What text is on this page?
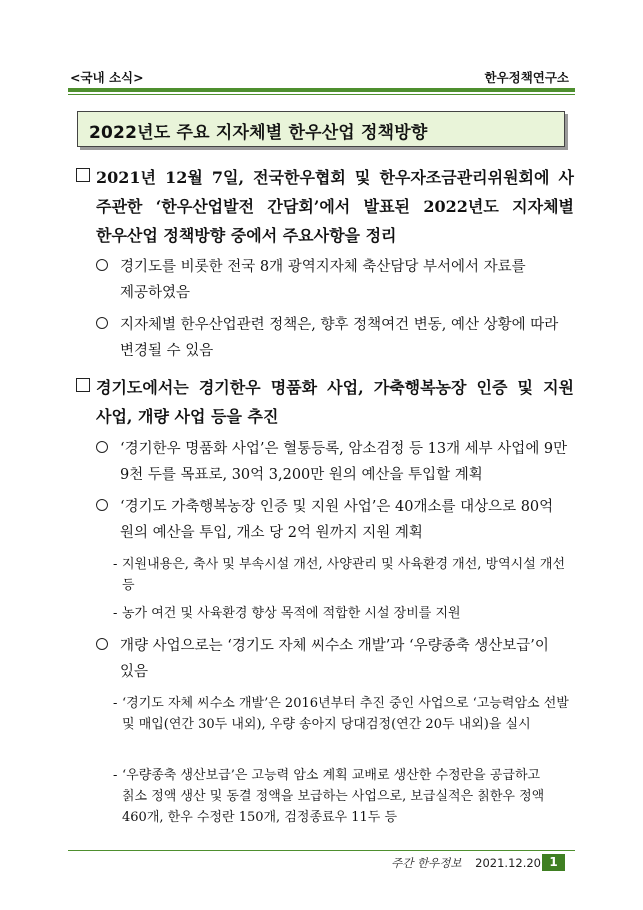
<국내 소식>	한우정책연구소
2022년도 주요 지자체별 한우산업 정책방향
2021년 12월 7일, 전국한우협회 및 한우자조금관리위원회에 사 주관한 ‘한우산업발전 간담회’에서 발표된 2022년도 지자체별 한우산업 정책방향 중에서 주요사항을 정리
경기도를 비롯한 전국 8개 광역지자체 축산담당 부서에서 자료를 제공하였음
지자체별 한우산업관련 정책은, 향후 정책여건 변동, 예산 상황에 따라 변경될 수 있음
경기도에서는 경기한우 명품화 사업, 가축행복농장 인증 및 지원 사업, 개량 사업 등을 추진
‘경기한우 명품화 사업’은 혈통등록, 암소검정 등 13개 세부 사업에 9만 9천 두를 목표로, 30억 3,200만 원의 예산을 투입할 계획
‘경기도 가축행복농장 인증 및 지원 사업’은 40개소를 대상으로 80억 원의 예산을 투입, 개소 당 2억 원까지 지원 계획
- 지원내용은, 축사 및 부속시설 개선, 사양관리 및 사육환경 개선, 방역시설 개선 등
- 농가 여건 및 사육환경 향상 목적에 적합한 시설 장비를 지원
개량 사업으로는 ‘경기도 자체 씨수소 개발’과 ‘우량종축 생산보급’이 있음
- ‘경기도 자체 씨수소 개발’은 2016년부터 추진 중인 사업으로 ‘고능력암소 선발 및 매입(연간 30두 내외), 우량 송아지 당대검정(연간 20두 내외)을 실시
- ‘우량종축 생산보급’은 고능력 암소 계획 교배로 생산한 수정란을 공급하고 칡소 정액 생산 및 동결 정액을 보급하는 사업으로, 보급실적은 칡한우 정액 460개, 한우 수정란 150개, 검정종료우 11두 등
주간 한우정보 2021.12.20 1
